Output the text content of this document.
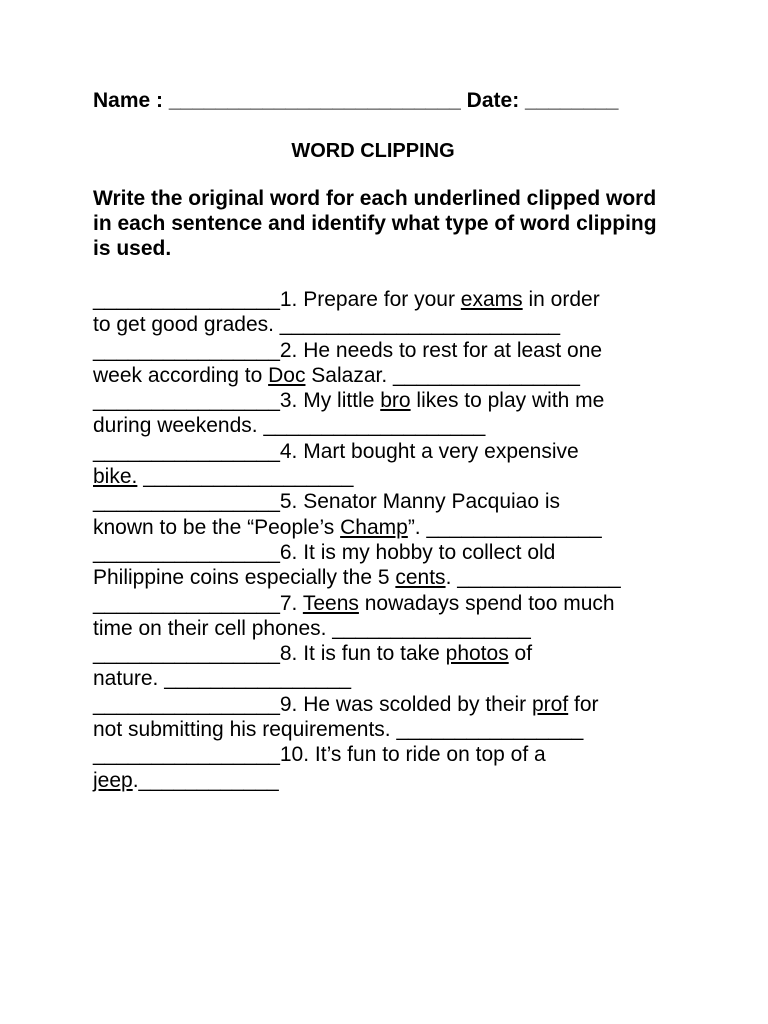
Name : _________________________ Date: ________
WORD CLIPPING
Write the original word for each underlined clipped word in each sentence and identify what type of word clipping is used.
________________1. Prepare for your exams in order
to get good grades. ________________________
________________2. He needs to rest for at least one
week according to Doc Salazar. ________________
________________3. My little bro likes to play with me
during weekends. ___________________
________________4. Mart bought a very expensive
bike. __________________
________________5. Senator Manny Pacquiao is
known to be the “People’s Champ”. _______________
________________6. It is my hobby to collect old
Philippine coins especially the 5 cents. ______________
________________7. Teens nowadays spend too much
time on their cell phones. _________________
________________8. It is fun to take photos of
nature. ________________
________________9. He was scolded by their prof for
not submitting his requirements. ________________
________________10. It’s fun to ride on top of a
jeep.____________
